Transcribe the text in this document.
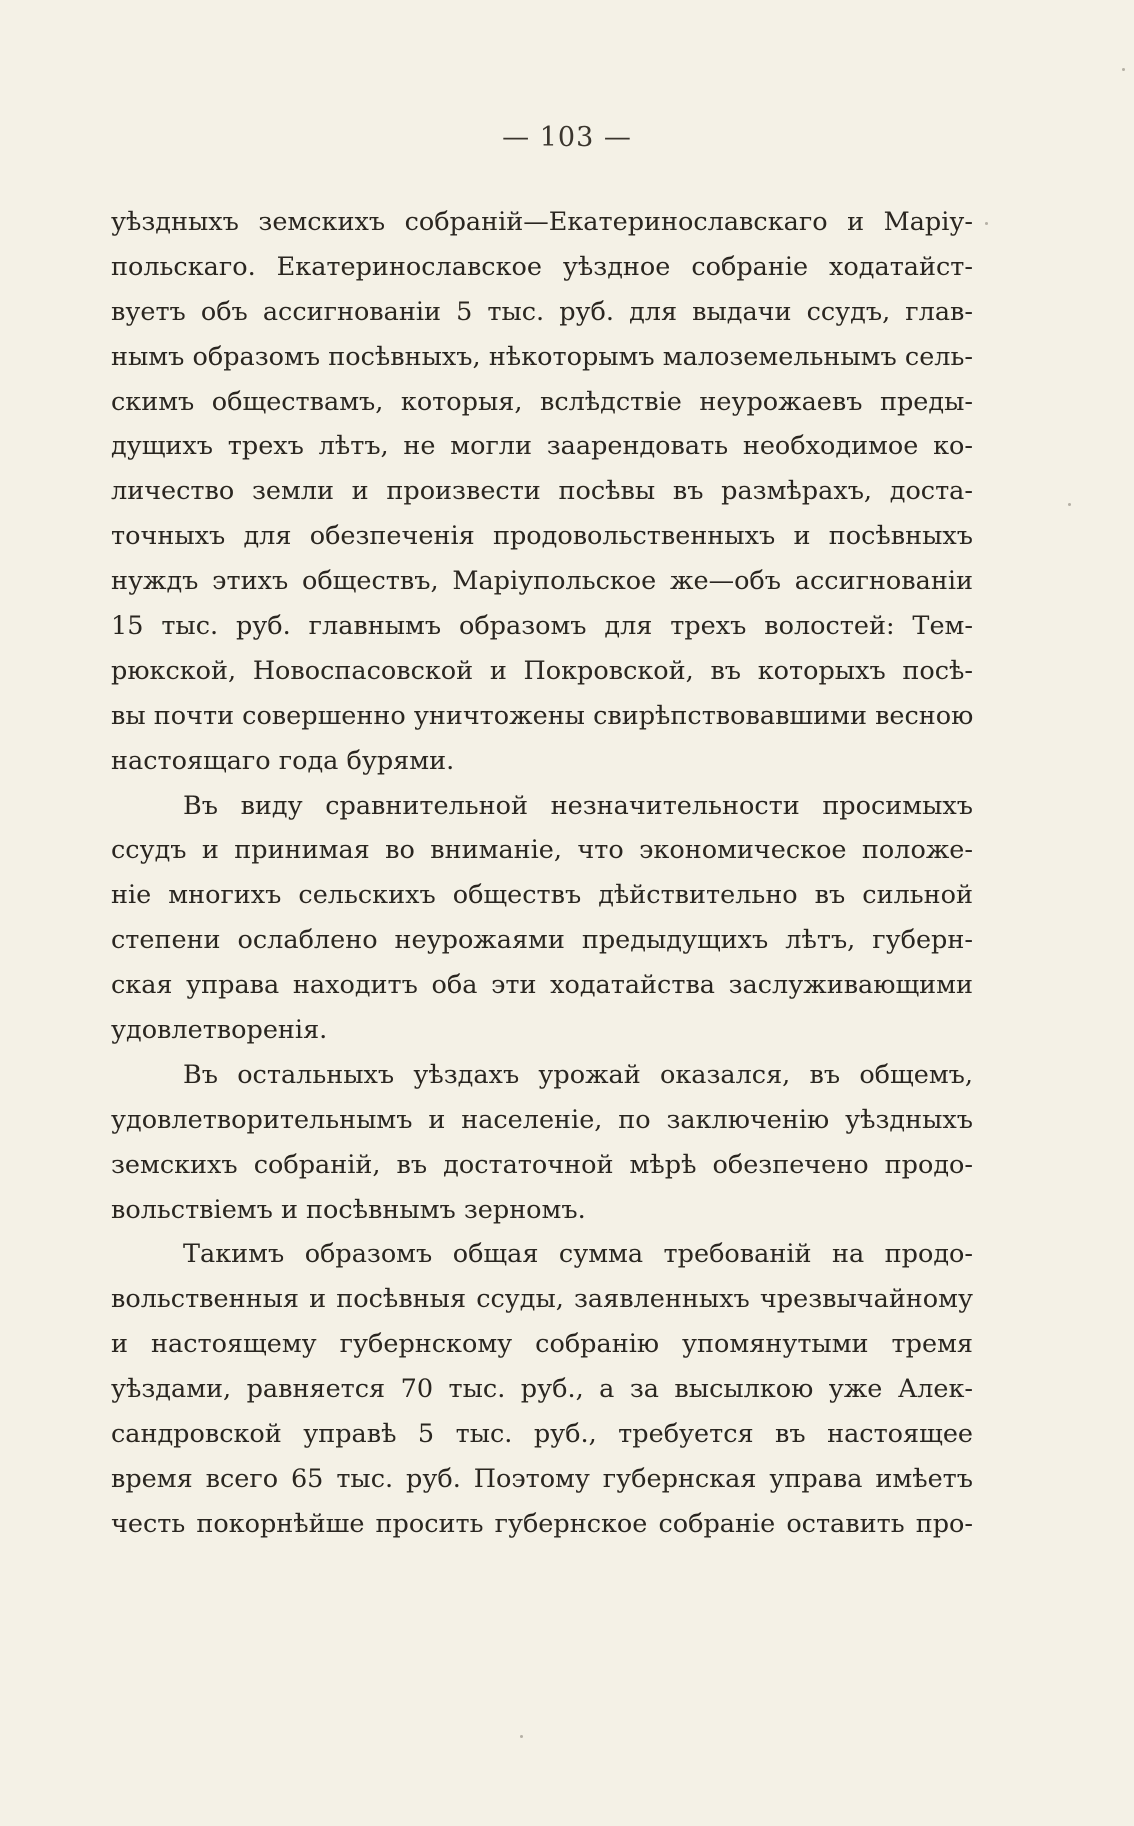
— 103 —
уѣздныхъ земскихъ собраній—Екатеринославскаго и Маріу-
польскаго. Екатеринославское уѣздное собраніе ходатайст-
вуетъ объ ассигнованіи 5 тыс. руб. для выдачи ссудъ, глав-
нымъ образомъ посѣвныхъ, нѣкоторымъ малоземельнымъ сель-
скимъ обществамъ, которыя, вслѣдствіе неурожаевъ преды-
дущихъ трехъ лѣтъ, не могли заарендовать необходимое ко-
личество земли и произвести посѣвы въ размѣрахъ, доста-
точныхъ для обезпеченія продовольственныхъ и посѣвныхъ
нуждъ этихъ обществъ, Маріупольское же—объ ассигнованіи
15 тыс. руб. главнымъ образомъ для трехъ волостей: Тем-
рюкской, Новоспасовской и Покровской, въ которыхъ посѣ-
вы почти совершенно уничтожены свирѣпствовавшими весною
настоящаго года бурями.
Въ виду сравнительной незначительности просимыхъ
ссудъ и принимая во вниманіе, что экономическое положе-
ніе многихъ сельскихъ обществъ дѣйствительно въ сильной
степени ослаблено неурожаями предыдущихъ лѣтъ, губерн-
ская управа находитъ оба эти ходатайства заслуживающими
удовлетворенія.
Въ остальныхъ уѣздахъ урожай оказался, въ общемъ,
удовлетворительнымъ и населеніе, по заключенію уѣздныхъ
земскихъ собраній, въ достаточной мѣрѣ обезпечено продо-
вольствіемъ и посѣвнымъ зерномъ.
Такимъ образомъ общая сумма требованій на продо-
вольственныя и посѣвныя ссуды, заявленныхъ чрезвычайному
и настоящему губернскому собранію упомянутыми тремя
уѣздами, равняется 70 тыс. руб., а за высылкою уже Алек-
сандровской управѣ 5 тыс. руб., требуется въ настоящее
время всего 65 тыс. руб. Поэтому губернская управа имѣетъ
честь покорнѣйше просить губернское собраніе оставить про-
